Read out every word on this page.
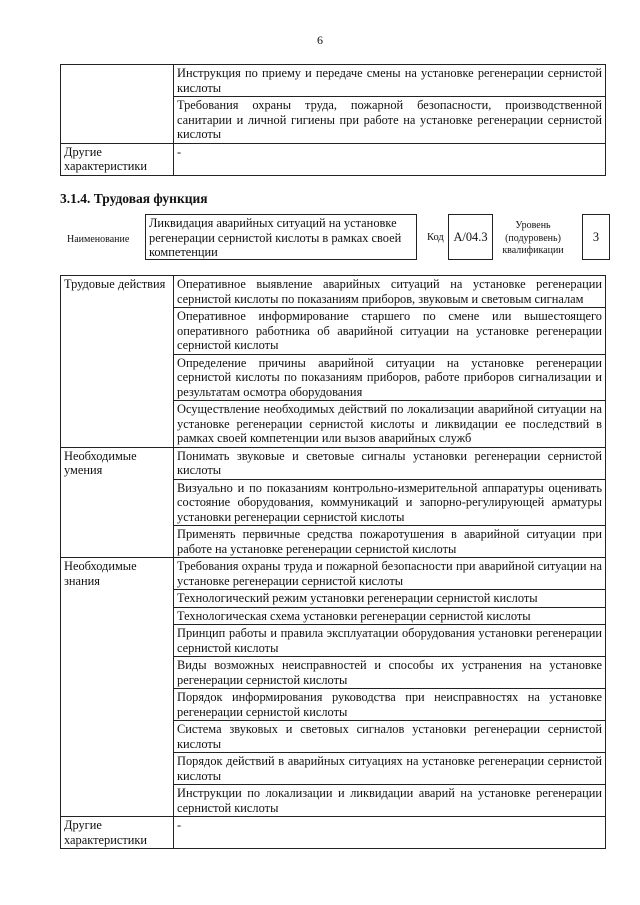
6
	Инструкция по приему и передаче смены на установке регенерации сернистой кислоты
	Требования охраны труда, пожарной безопасности, производственной санитарии и личной гигиены при работе на установке регенерации сернистой кислоты
Другие характеристики	-
3.1.4. Трудовая функция
Наименование
Ликвидация аварийных ситуаций на установке регенерации сернистой кислоты в рамках своей компетенции
Код A/04.3
Уровень (подуровень) квалификации
3
Трудовые действия	Оперативное выявление аварийных ситуаций на установке регенерации сернистой кислоты по показаниям приборов, звуковым и световым сигналам
	Оперативное информирование старшего по смене или вышестоящего оперативного работника об аварийной ситуации на установке регенерации сернистой кислоты
	Определение причины аварийной ситуации на установке регенерации сернистой кислоты по показаниям приборов, работе приборов сигнализации и результатам осмотра оборудования
	Осуществление необходимых действий по локализации аварийной ситуации на установке регенерации сернистой кислоты и ликвидации ее последствий в рамках своей компетенции или вызов аварийных служб
Необходимые умения	Понимать звуковые и световые сигналы установки регенерации сернистой кислоты
	Визуально и по показаниям контрольно-измерительной аппаратуры оценивать состояние оборудования, коммуникаций и запорно-регулирующей арматуры установки регенерации сернистой кислоты
	Применять первичные средства пожаротушения в аварийной ситуации при работе на установке регенерации сернистой кислоты
Необходимые знания	Требования охраны труда и пожарной безопасности при аварийной ситуации на установке регенерации сернистой кислоты
	Технологический режим установки регенерации сернистой кислоты
	Технологическая схема установки регенерации сернистой кислоты
	Принцип работы и правила эксплуатации оборудования установки регенерации сернистой кислоты
	Виды возможных неисправностей и способы их устранения на установке регенерации сернистой кислоты
	Порядок информирования руководства при неисправностях на установке регенерации сернистой кислоты
	Система звуковых и световых сигналов установки регенерации сернистой кислоты
	Порядок действий в аварийных ситуациях на установке регенерации сернистой кислоты
	Инструкции по локализации и ликвидации аварий на установке регенерации сернистой кислоты
Другие характеристики	-
